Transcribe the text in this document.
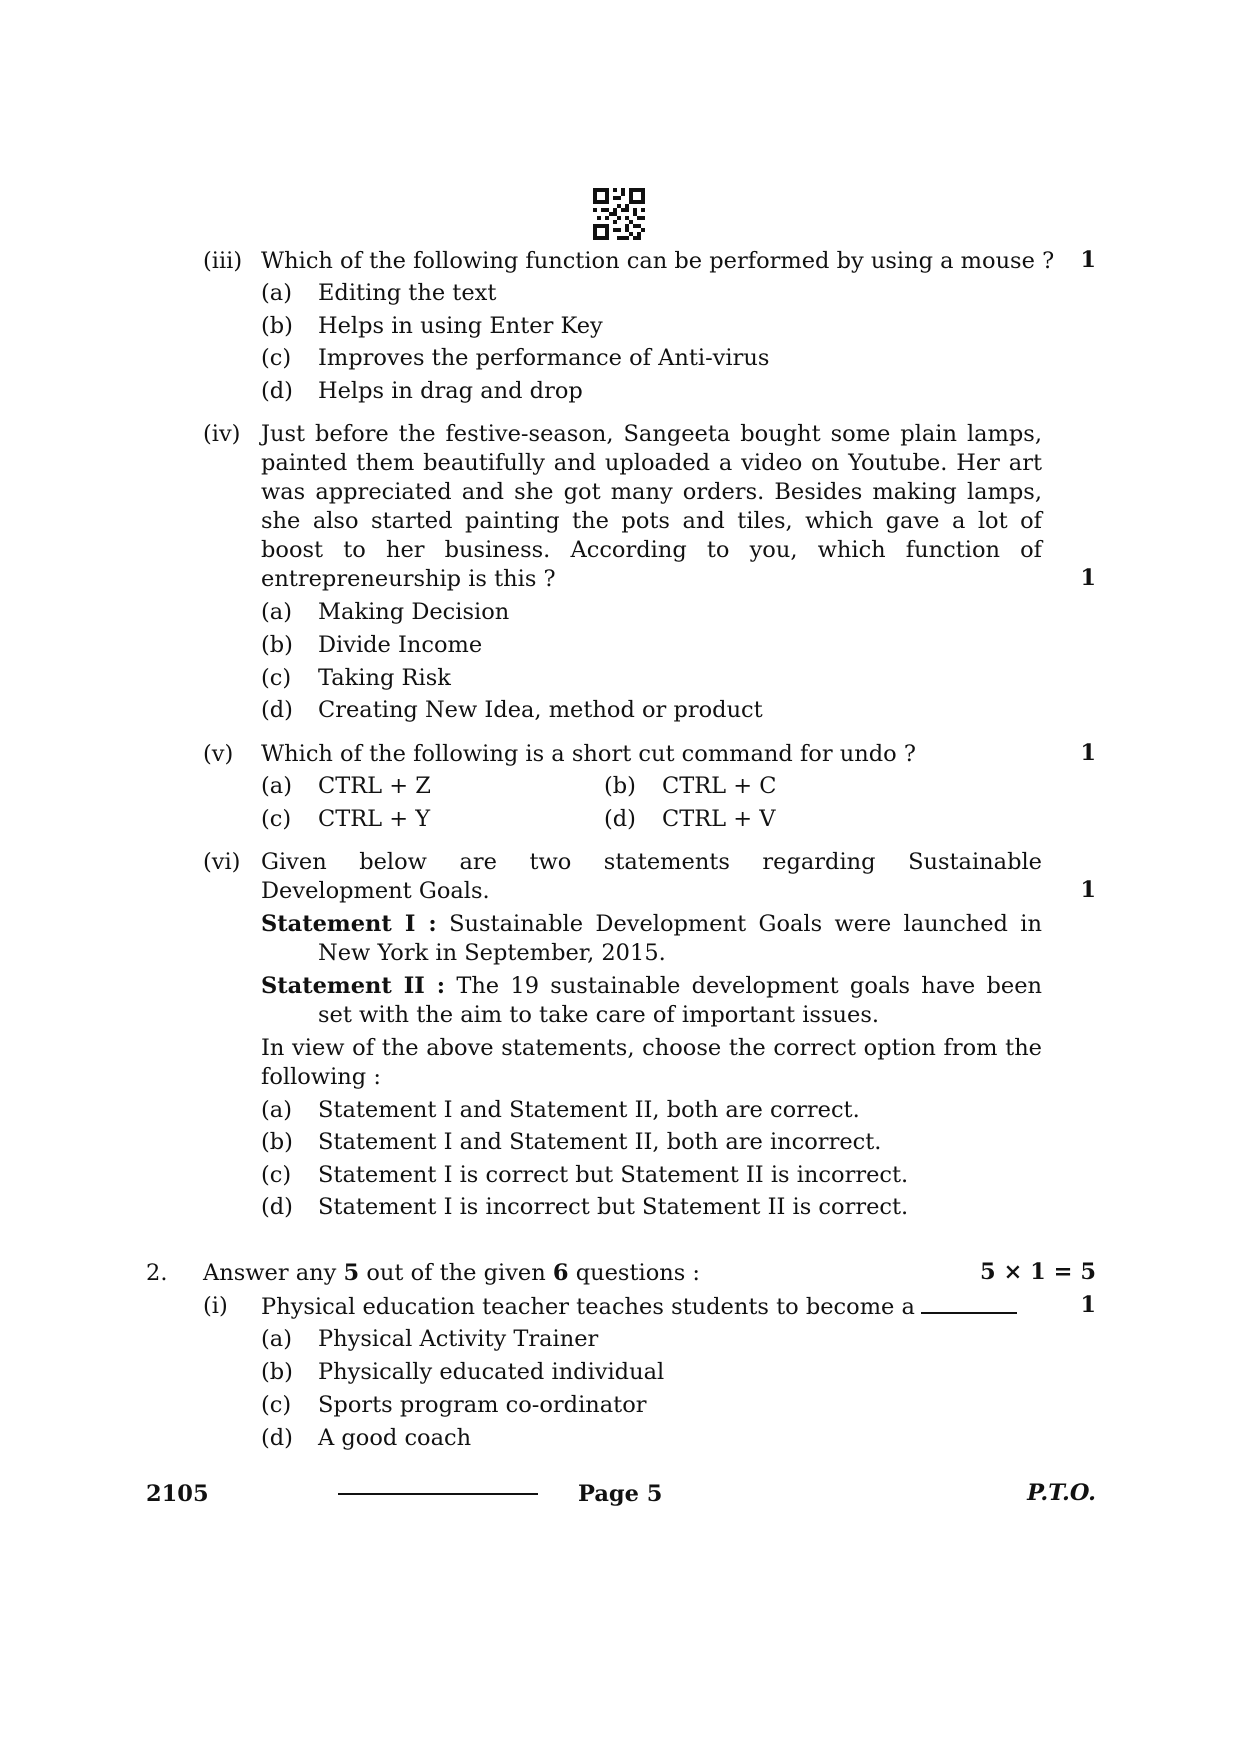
(iii) Which of the following function can be performed by using a mouse ?	1
(a) Editing the text
(b) Helps in using Enter Key
(c) Improves the performance of Anti-virus
(d) Helps in drag and drop
(iv) Just before the festive-season, Sangeeta bought some plain lamps, painted them beautifully and uploaded a video on Youtube. Her art was appreciated and she got many orders. Besides making lamps, she also started painting the pots and tiles, which gave a lot of boost to her business. According to you, which function of entrepreneurship is this ?	1
(a) Making Decision
(b) Divide Income
(c) Taking Risk
(d) Creating New Idea, method or product
(v) Which of the following is a short cut command for undo ?	1
(a) CTRL + Z	(b) CTRL + C
(c) CTRL + Y	(d) CTRL + V
(vi) Given below are two statements regarding Sustainable Development Goals.	1
Statement I : Sustainable Development Goals were launched in New York in September, 2015.
Statement II : The 19 sustainable development goals have been set with the aim to take care of important issues.
In view of the above statements, choose the correct option from the following :
(a) Statement I and Statement II, both are correct.
(b) Statement I and Statement II, both are incorrect.
(c) Statement I is correct but Statement II is incorrect.
(d) Statement I is incorrect but Statement II is correct.
2. Answer any 5 out of the given 6 questions :	5 × 1 = 5
(i) Physical education teacher teaches students to become a	1
(a) Physical Activity Trainer
(b) Physically educated individual
(c) Sports program co-ordinator
(d) A good coach
2105	Page 5	P.T.O.
